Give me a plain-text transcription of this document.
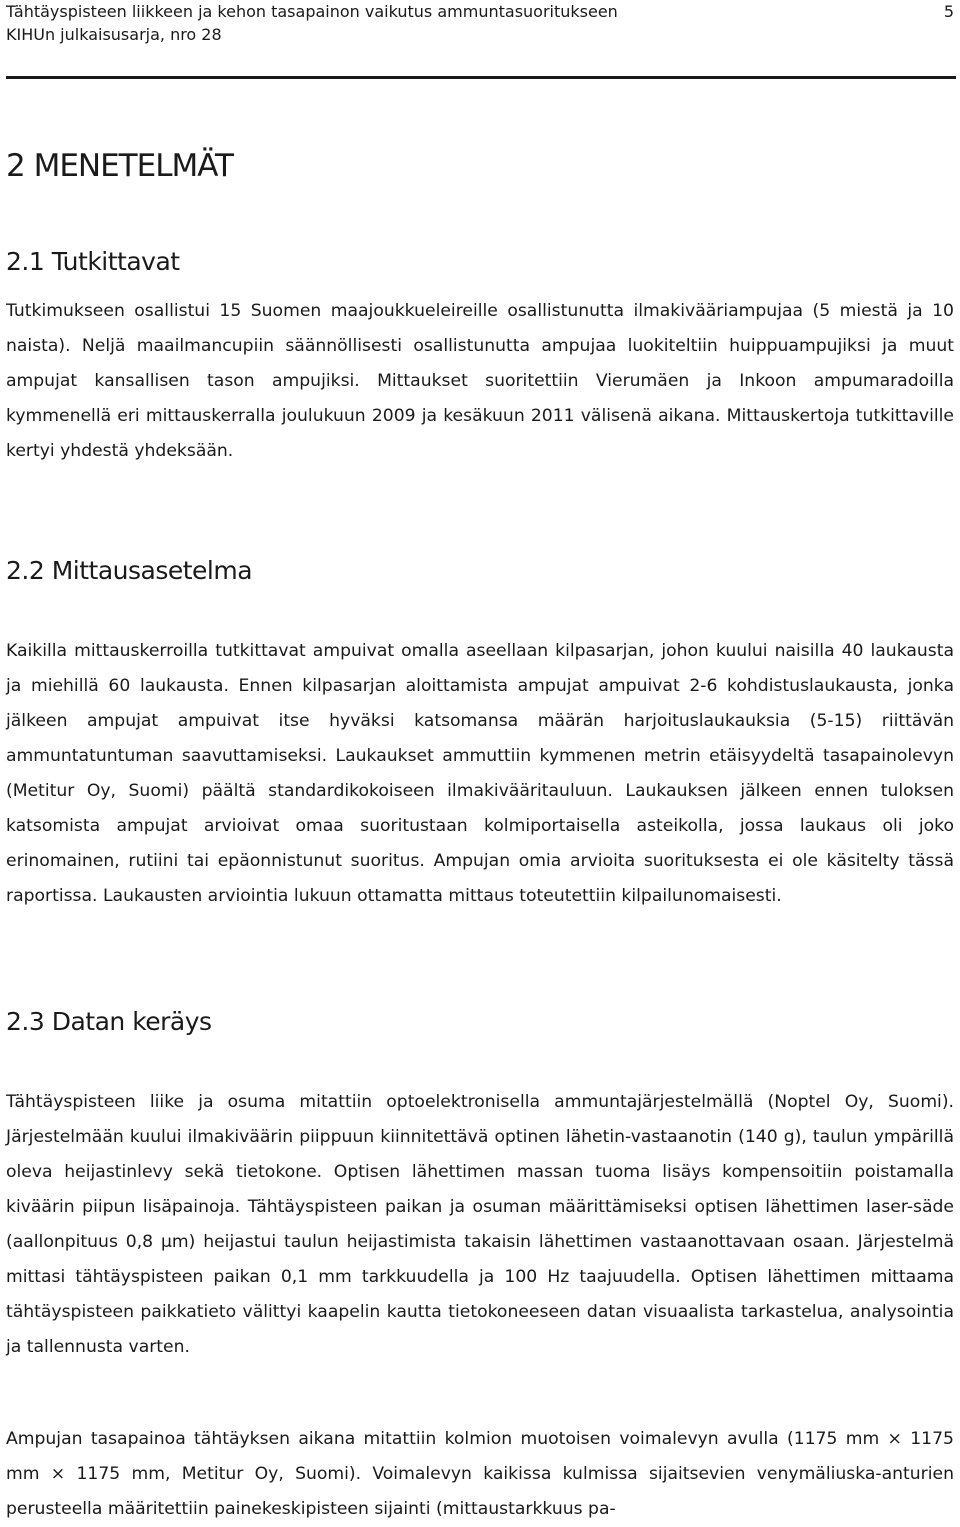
Tähtäyspisteen liikkeen ja kehon tasapainon vaikutus ammuntasuoritukseen
KIHUn julkaisusarja, nro 28
5
2 MENETELMÄT
2.1 Tutkittavat

Tutkimukseen osallistui 15 Suomen maajoukkueleireille osallistunutta ilmakivääriampujaa (5 miestä ja 10 naista). Neljä maailmancupiin säännöllisesti osallistunutta ampujaa luokiteltiin huippuampujiksi ja muut ampujat kansallisen tason ampujiksi. Mittaukset suoritettiin Vierumäen ja Inkoon ampumaradoilla kymmenellä eri mittauskerralla joulukuun 2009 ja kesäkuun 2011 välisenä aikana. Mittauskertoja tutkittaville kertyi yhdestä yhdeksään.

2.2 Mittausasetelma

Kaikilla mittauskerroilla tutkittavat ampuivat omalla aseellaan kilpasarjan, johon kuului naisilla 40 laukausta ja miehillä 60 laukausta. Ennen kilpasarjan aloittamista ampujat ampuivat 2-6 kohdistuslaukausta, jonka jälkeen ampujat ampuivat itse hyväksi katsomansa määrän harjoituslaukauksia (5-15) riittävän ammuntatuntuman saavuttamiseksi. Laukaukset ammuttiin kymmenen metrin etäisyydeltä tasapainolevyn (Metitur Oy, Suomi) päältä standardikokoiseen ilmakivääritauluun. Laukauksen jälkeen ennen tuloksen katsomista ampujat arvioivat omaa suoritustaan kolmiportaisella asteikolla, jossa laukaus oli joko erinomainen, rutiini tai epäonnistunut suoritus. Ampujan omia arvioita suorituksesta ei ole käsitelty tässä raportissa. Laukausten arviointia lukuun ottamatta mittaus toteutettiin kilpailunomaisesti.

2.3 Datan keräys

Tähtäyspisteen liike ja osuma mitattiin optoelektronisella ammuntajärjestelmällä (Noptel Oy, Suomi). Järjestelmään kuului ilmakiväärin piippuun kiinnitettävä optinen lähetin-vastaanotin (140 g), taulun ympärillä oleva heijastinlevy sekä tietokone. Optisen lähettimen massan tuoma lisäys kompensoitiin poistamalla kiväärin piipun lisäpainoja. Tähtäyspisteen paikan ja osuman määrittämiseksi optisen lähettimen laser-säde (aallonpituus 0,8 µm) heijastui taulun heijastimista takaisin lähettimen vastaanottavaan osaan. Järjestelmä mittasi tähtäyspisteen paikan 0,1 mm tarkkuudella ja 100 Hz taajuudella. Optisen lähettimen mittaama tähtäyspisteen paikkatieto välittyi kaapelin kautta tietokoneeseen datan visuaalista tarkastelua, analysointia ja tallennusta varten.

Ampujan tasapainoa tähtäyksen aikana mitattiin kolmion muotoisen voimalevyn avulla (1175 mm × 1175 mm × 1175 mm, Metitur Oy, Suomi). Voimalevyn kaikissa kulmissa sijaitsevien venymäliuska-anturien perusteella määritettiin painekeskipisteen sijainti (mittaustarkkuus pa-
